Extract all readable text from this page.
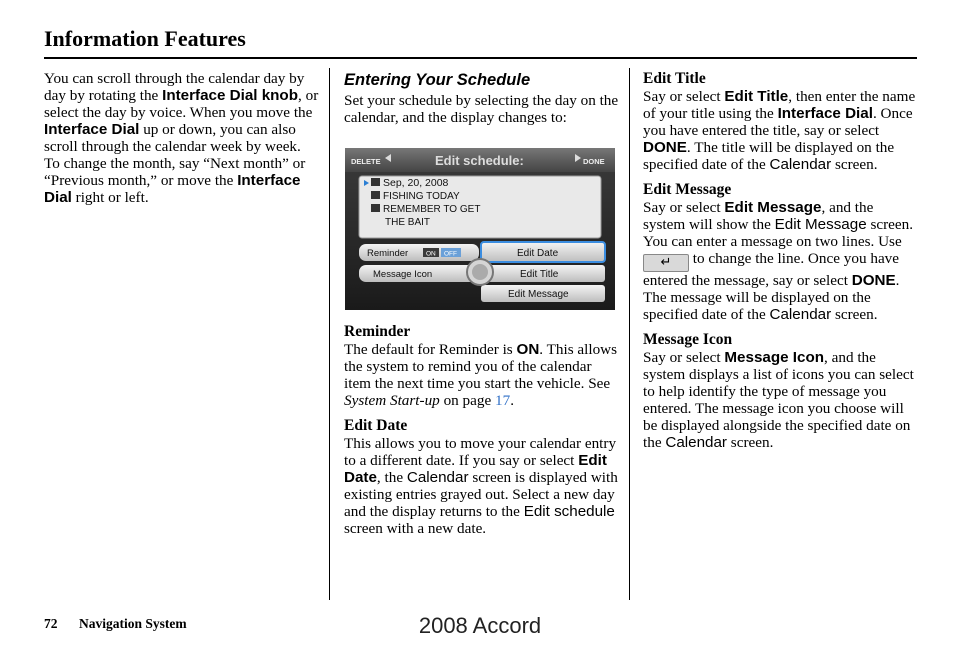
Information Features

You can scroll through the calendar day by day by rotating the Interface Dial knob, or select the day by voice. When you move the Interface Dial up or down, you can also scroll through the calendar week by week. To change the month, say “Next month” or “Previous month,” or move the Interface Dial right or left.

Entering Your Schedule

Set your schedule by selecting the day on the calendar, and the display changes to:

DELETE	Edit schedule:	DONE
Sep, 20, 2008
FISHING TODAY
REMEMBER TO GET
THE BAIT
Reminder	ON OFF
Message Icon
Edit Date
Edit Title
Edit Message
Reminder

The default for Reminder is ON. This allows the system to remind you of the calendar item the next time you start the vehicle. See System Start-up on page 17.

Edit Date

This allows you to move your calendar entry to a different date. If you say or select Edit Date, the Calendar screen is displayed with existing entries grayed out. Select a new day and the display returns to the Edit schedule screen with a new date.

Edit Title

Say or select Edit Title, then enter the name of your title using the Interface Dial. Once you have entered the title, say or select DONE. The title will be displayed on the specified date of the Calendar screen.

Edit Message

Say or select Edit Message, and the system will show the Edit Message screen. You can enter a message on two lines. Use ↵ to change the line. Once you have entered the message, say or select DONE. The message will be displayed on the specified date of the Calendar screen.

Message Icon

Say or select Message Icon, and the system displays a list of icons you can select to help identify the type of message you entered. The message icon you choose will be displayed alongside the specified date on the Calendar screen.

72 Navigation System	2008 Accord
